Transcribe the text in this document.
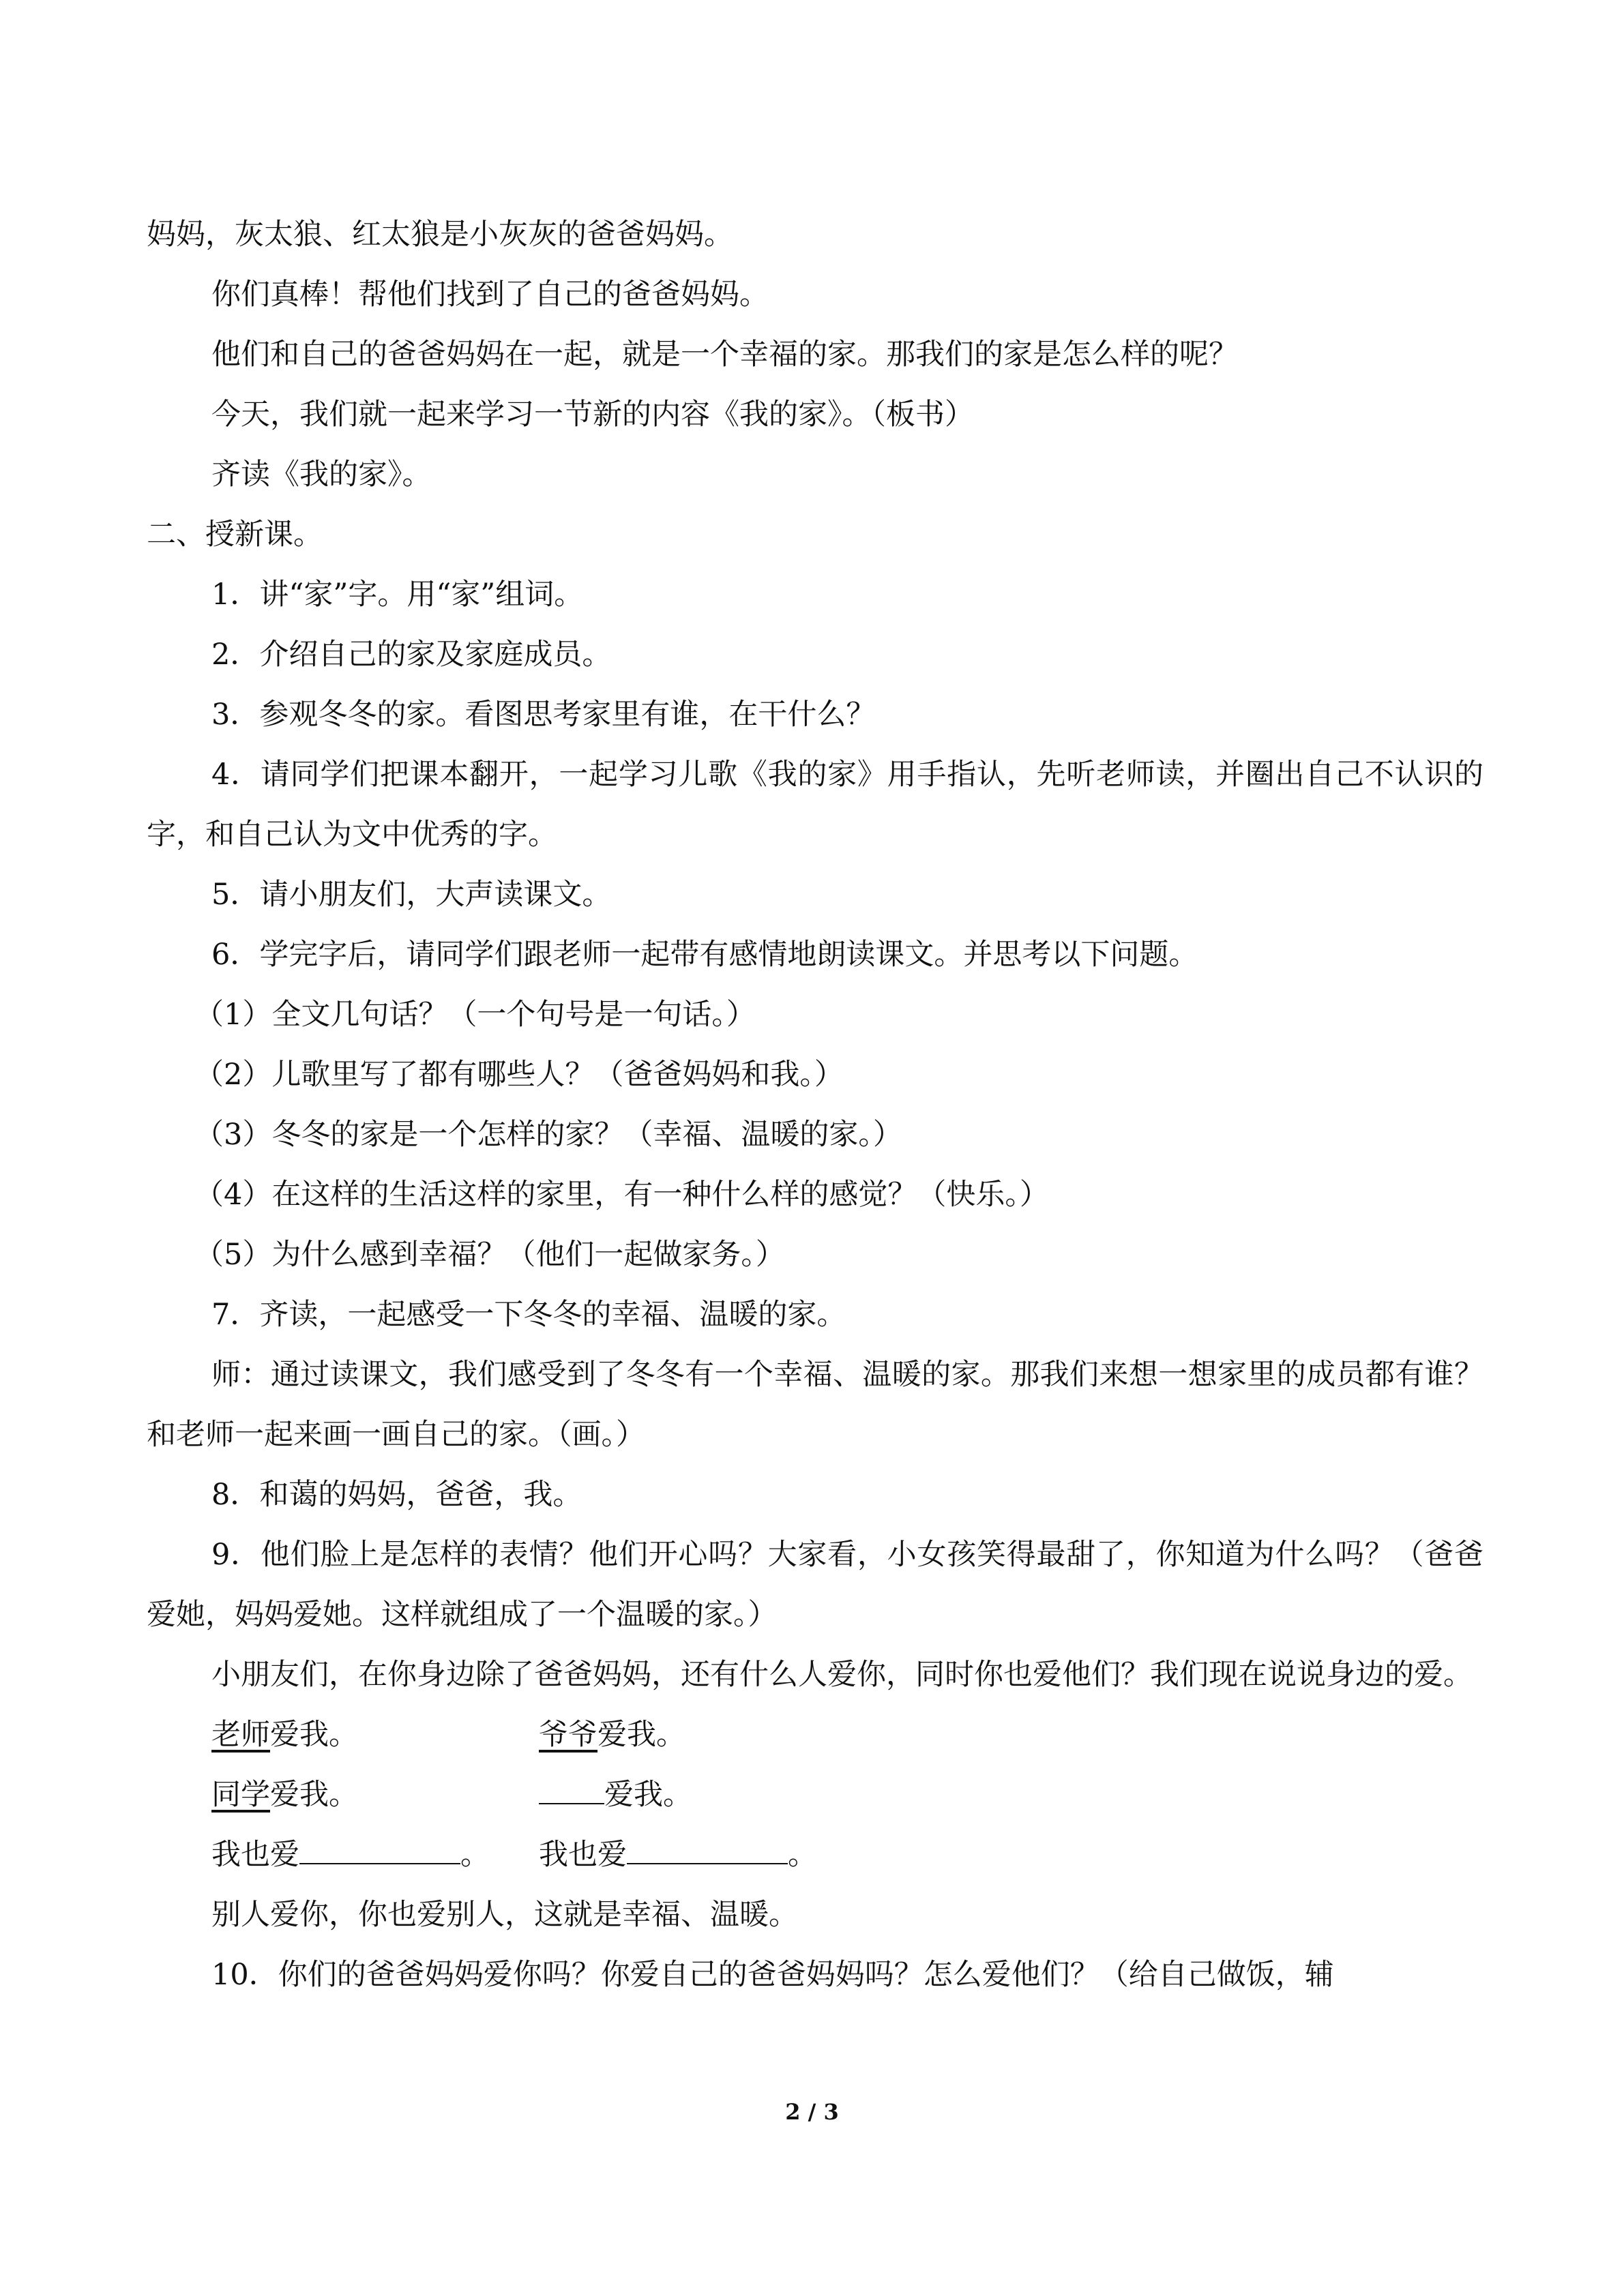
妈妈，灰太狼、红太狼是小灰灰的爸爸妈妈。

你们真棒！帮他们找到了自己的爸爸妈妈。

他们和自己的爸爸妈妈在一起，就是一个幸福的家。那我们的家是怎么样的呢？

今天，我们就一起来学习一节新的内容《我的家》。（板书）

齐读《我的家》。

二、授新课。

1．讲“家”字。用“家”组词。

2．介绍自己的家及家庭成员。

3．参观冬冬的家。看图思考家里有谁，在干什么？

4．请同学们把课本翻开，一起学习儿歌《我的家》用手指认，先听老师读，并圈出自己不认识的字，和自己认为文中优秀的字。

5．请小朋友们，大声读课文。

6．学完字后，请同学们跟老师一起带有感情地朗读课文。并思考以下问题。

（1）全文几句话？（一个句号是一句话。）

（2）儿歌里写了都有哪些人？（爸爸妈妈和我。）

（3）冬冬的家是一个怎样的家？（幸福、温暖的家。）

（4）在这样的生活这样的家里，有一种什么样的感觉？（快乐。）

（5）为什么感到幸福？（他们一起做家务。）

7．齐读，一起感受一下冬冬的幸福、温暖的家。

师：通过读课文，我们感受到了冬冬有一个幸福、温暖的家。那我们来想一想家里的成员都有谁？和老师一起来画一画自己的家。（画。）

8．和蔼的妈妈，爸爸，我。

9．他们脸上是怎样的表情？他们开心吗？大家看，小女孩笑得最甜了，你知道为什么吗？（爸爸爱她，妈妈爱她。这样就组成了一个温暖的家。）

小朋友们，在你身边除了爸爸妈妈，还有什么人爱你，同时你也爱他们？我们现在说说身边的爱。

老师爱我。	爷爷爱我。
同学爱我。	爱我。
我也爱	。 我也爱	。

别人爱你，你也爱别人，这就是幸福、温暖。

10．你们的爸爸妈妈爱你吗？你爱自己的爸爸妈妈吗？怎么爱他们？（给自己做饭，辅

2 / 3
